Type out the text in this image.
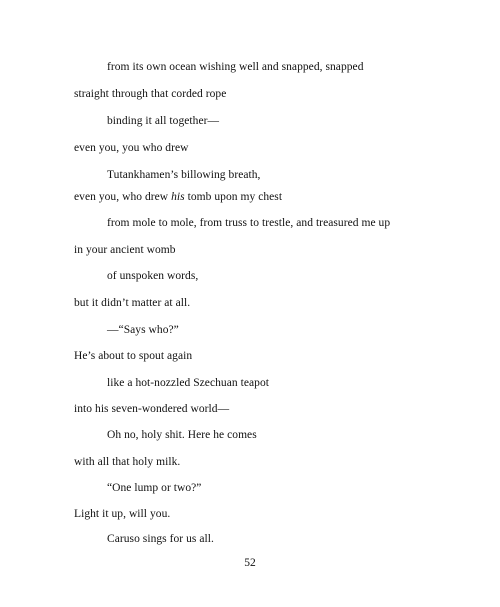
from its own ocean wishing well and snapped, snapped
straight through that corded rope
binding it all together—
even you, you who drew
Tutankhamen’s billowing breath,
even you, who drew his tomb upon my chest
from mole to mole, from truss to trestle, and treasured me up
in your ancient womb
of unspoken words,
but it didn’t matter at all.
—“Says who?”
He’s about to spout again
like a hot-nozzled Szechuan teapot
into his seven-wondered world—
Oh no, holy shit. Here he comes
with all that holy milk.
“One lump or two?”
Light it up, will you.
Caruso sings for us all.
52
